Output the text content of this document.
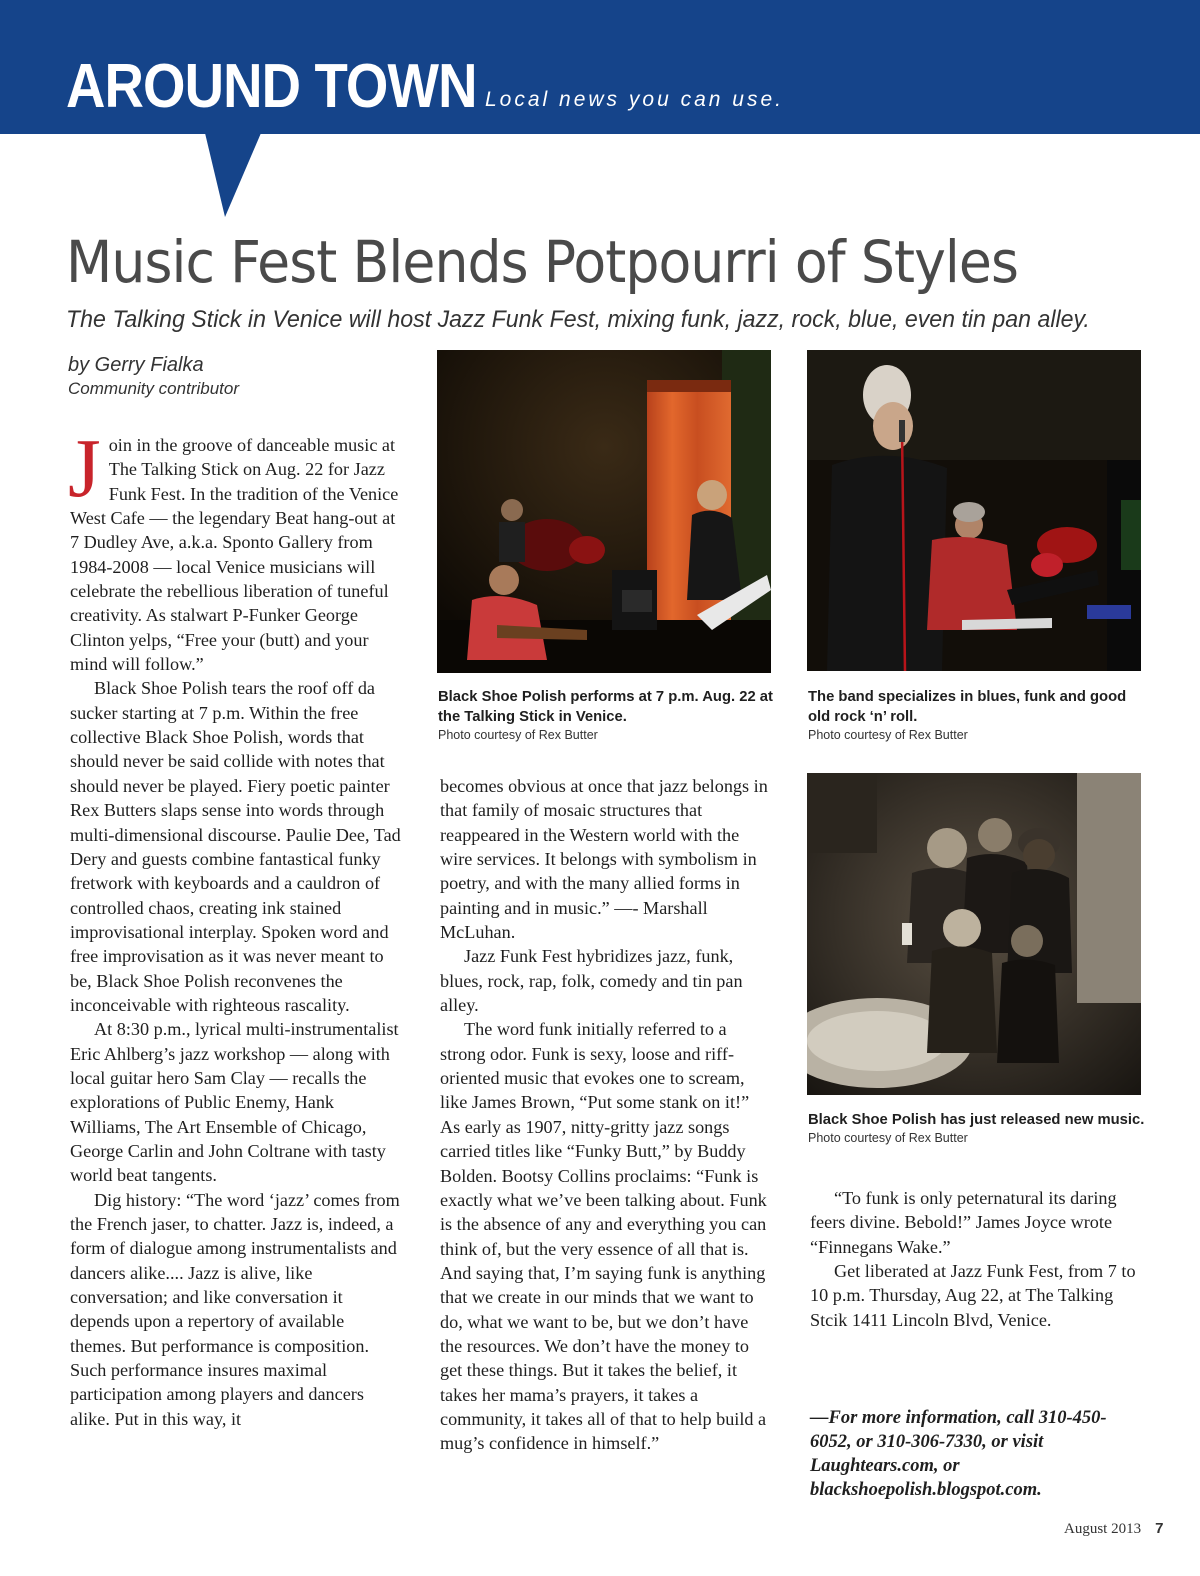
AROUND TOWN Local news you can use.
Music Fest Blends Potpourri of Styles
The Talking Stick in Venice will host Jazz Funk Fest, mixing funk, jazz, rock, blue, even tin pan alley.
by Gerry Fialka
Community contributor

Join in the groove of danceable music at The Talking Stick on Aug. 22 for Jazz Funk Fest. In the tradition of the Venice West Cafe — the legendary Beat hang-out at 7 Dudley Ave, a.k.a. Sponto Gallery from 1984-2008 — local Venice musicians will celebrate the rebellious liberation of tuneful creativity. As stalwart P-Funker George Clinton yelps, “Free your (butt) and your mind will follow.”

Black Shoe Polish tears the roof off da sucker starting at 7 p.m. Within the free collective Black Shoe Polish, words that should never be said collide with notes that should never be played. Fiery poetic painter Rex Butters slaps sense into words through multi-dimensional discourse. Paulie Dee, Tad Dery and guests combine fantastical funky fretwork with keyboards and a cauldron of controlled chaos, creating ink stained improvisational interplay. Spoken word and free improvisation as it was never meant to be, Black Shoe Polish reconvenes the inconceivable with righteous rascality.

At 8:30 p.m., lyrical multi-instrumentalist Eric Ahlberg’s jazz workshop — along with local guitar hero Sam Clay — recalls the explorations of Public Enemy, Hank Williams, The Art Ensemble of Chicago, George Carlin and John Coltrane with tasty world beat tangents.

Dig history: “The word ‘jazz’ comes from the French jaser, to chatter. Jazz is, indeed, a form of dialogue among instrumentalists and dancers alike.... Jazz is alive, like conversation; and like conversation it depends upon a repertory of available themes. But performance is composition. Such performance insures maximal participation among players and dancers alike. Put in this way, it

Black Shoe Polish performs at 7 p.m. Aug. 22 at the Talking Stick in Venice.
Photo courtesy of Rex Butter
The band specializes in blues, funk and good old rock ‘n’ roll.
Photo courtesy of Rex Butter

becomes obvious at once that jazz belongs in that family of mosaic structures that reappeared in the Western world with the wire services. It belongs with symbolism in poetry, and with the many allied forms in painting and in music.” —- Marshall McLuhan.

Jazz Funk Fest hybridizes jazz, funk, blues, rock, rap, folk, comedy and tin pan alley.

The word funk initially referred to a strong odor. Funk is sexy, loose and riff-oriented music that evokes one to scream, like James Brown, “Put some stank on it!” As early as 1907, nitty-gritty jazz songs carried titles like “Funky Butt,” by Buddy Bolden. Bootsy Collins proclaims: “Funk is exactly what we’ve been talking about. Funk is the absence of any and everything you can think of, but the very essence of all that is. And saying that, I’m saying funk is anything that we create in our minds that we want to do, what we want to be, but we don’t have the resources. We don’t have the money to get these things. But it takes the belief, it takes her mama’s prayers, it takes a community, it takes all of that to help build a mug’s confidence in himself.”

Black Shoe Polish has just released new music.
Photo courtesy of Rex Butter

“To funk is only peternatural its daring feers divine. Bebold!” James Joyce wrote “Finnegans Wake.”

Get liberated at Jazz Funk Fest, from 7 to 10 p.m. Thursday, Aug 22, at The Talking Stcik 1411 Lincoln Blvd, Venice.

—For more information, call 310-450-6052, or 310-306-7330, or visit Laughtears.com, or blackshoepolish.blogspot.com.
August 2013 7
